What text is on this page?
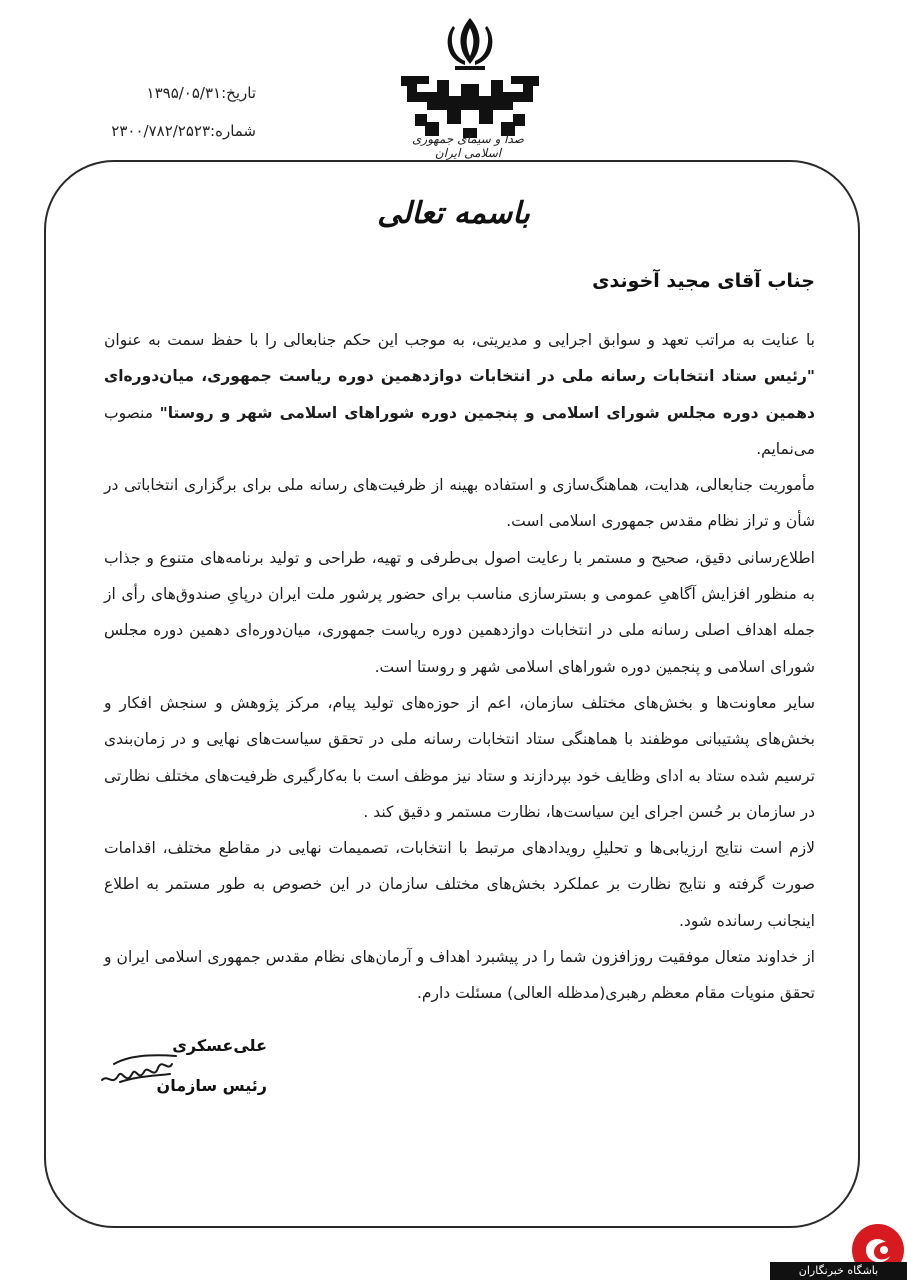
تاریخ:۱۳۹۵/۰۵/۳۱
شماره:۲۳۰۰/۷۸۲/۲۵۲۳	صدا و سیمای جمهوری اسلامی ایران
باسمه تعالی
جناب آقای مجید آخوندی

با عنایت به مراتب تعهد و سوابق اجرایی و مدیریتی، به موجب این حکم جنابعالی را با حفظ سمت به عنوان "رئیس ستاد انتخابات رسانه ملی در انتخابات دوازدهمین دوره ریاست جمهوری، میان‌دوره‌ای دهمین دوره مجلس شورای اسلامی و پنجمین دوره شوراهای اسلامی شهر و روستا" منصوب می‌نمایم.

مأموریت جنابعالی، هدایت، هماهنگ‌سازی و استفاده بهینه از ظرفیت‌های رسانه ملی برای برگزاری انتخاباتی در شأن و تراز نظام مقدس جمهوری اسلامی است.

اطلاع‌رسانی دقیق، صحیح و مستمر با رعایت اصول بی‌طرفی و تهیه، طراحی و تولید برنامه‌های متنوع و جذاب به منظور افزایش آگاهیِ عمومی و بسترسازی مناسب برای حضور پرشور ملت ایران درپایِ صندوق‌های رأی از جمله اهداف اصلی رسانه ملی در انتخابات دوازدهمین دوره ریاست جمهوری، میان‌دوره‌ای دهمین دوره مجلس شورای اسلامی و پنجمین دوره شوراهای اسلامی شهر و روستا است.

سایر معاونت‌ها و بخش‌های مختلف سازمان، اعم از حوزه‌های تولید پیام، مرکز پژوهش و سنجش افکار و بخش‌های پشتیبانی موظفند با هماهنگی ستاد انتخابات رسانه ملی در تحقق سیاست‌های نهایی و در زمان‌بندی ترسیم شده ستاد به ادای وظایف خود بپردازند و ستاد نیز موظف است با به‌کارگیری ظرفیت‌های مختلف نظارتی در سازمان بر حُسن اجرای این سیاست‌ها، نظارت مستمر و دقیق کند .

لازم است نتایج ارزیابی‌ها و تحلیلِ رویدادهای مرتبط با انتخابات، تصمیمات نهایی در مقاطع مختلف، اقدامات صورت گرفته و نتایج نظارت بر عملکرد بخش‌های مختلف سازمان در این خصوص به طور مستمر به اطلاع اینجانب رسانده شود.

از خداوند متعال موفقیت روزافزون شما را در پیشبرد اهداف و آرمان‌های نظام مقدس جمهوری اسلامی ایران و تحقق منویات مقام معظم رهبری(مدظله العالی) مسئلت دارم.

علی‌عسکری
رئیس سازمان
باشگاه خبرنگاران
